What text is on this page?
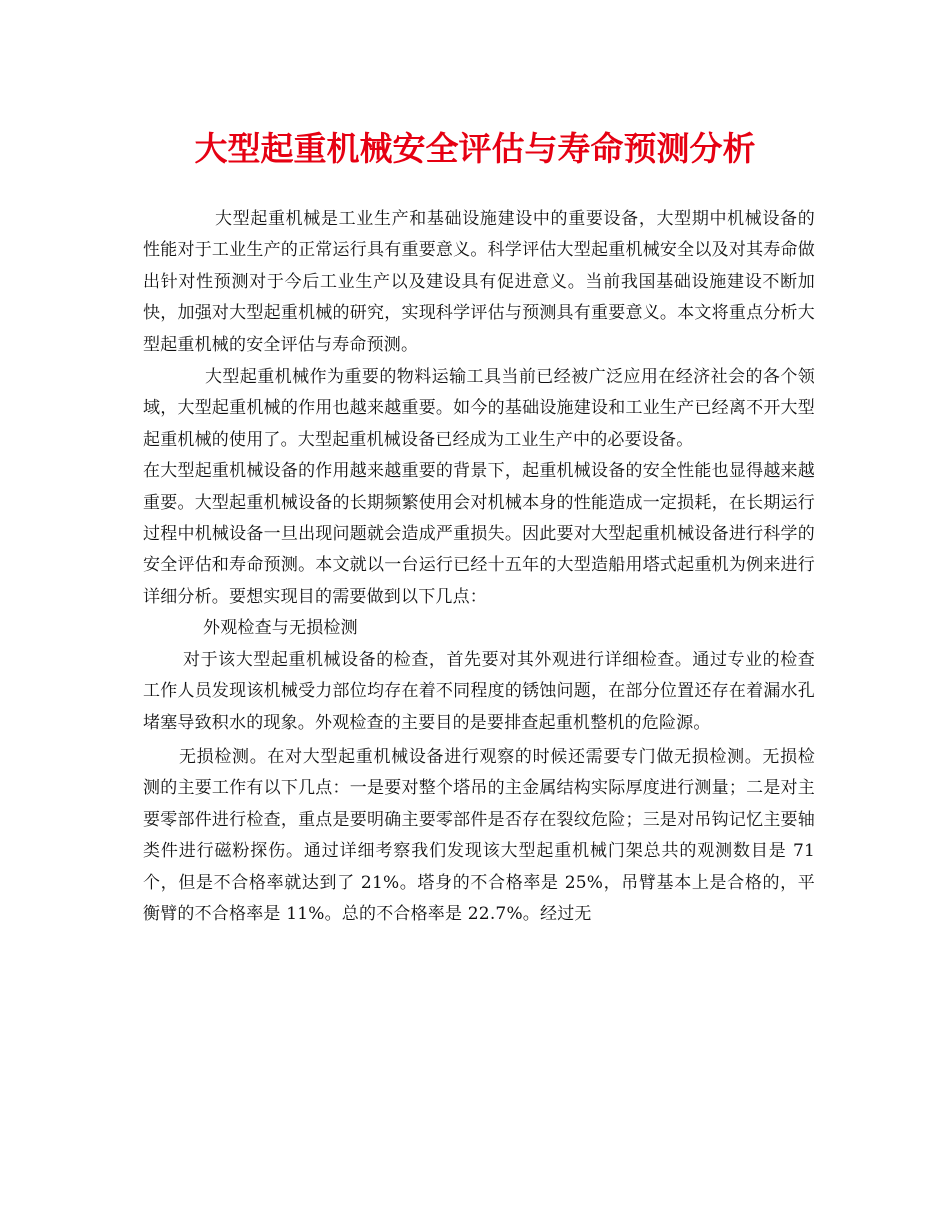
大型起重机械安全评估与寿命预测分析

大型起重机械是工业生产和基础设施建设中的重要设备，大型期中机械设备的性能对于工业生产的正常运行具有重要意义。科学评估大型起重机械安全以及对其寿命做出针对性预测对于今后工业生产以及建设具有促进意义。当前我国基础设施建设不断加快，加强对大型起重机械的研究，实现科学评估与预测具有重要意义。本文将重点分析大型起重机械的安全评估与寿命预测。

大型起重机械作为重要的物料运输工具当前已经被广泛应用在经济社会的各个领域，大型起重机械的作用也越来越重要。如今的基础设施建设和工业生产已经离不开大型起重机械的使用了。大型起重机械设备已经成为工业生产中的必要设备。

在大型起重机械设备的作用越来越重要的背景下，起重机械设备的安全性能也显得越来越重要。大型起重机械设备的长期频繁使用会对机械本身的性能造成一定损耗，在长期运行过程中机械设备一旦出现问题就会造成严重损失。因此要对大型起重机械设备进行科学的安全评估和寿命预测。本文就以一台运行已经十五年的大型造船用塔式起重机为例来进行详细分析。要想实现目的需要做到以下几点：

外观检查与无损检测

对于该大型起重机械设备的检查，首先要对其外观进行详细检查。通过专业的检查工作人员发现该机械受力部位均存在着不同程度的锈蚀问题，在部分位置还存在着漏水孔堵塞导致积水的现象。外观检查的主要目的是要排查起重机整机的危险源。

无损检测。在对大型起重机械设备进行观察的时候还需要专门做无损检测。无损检测的主要工作有以下几点：一是要对整个塔吊的主金属结构实际厚度进行测量；二是对主要零部件进行检查，重点是要明确主要零部件是否存在裂纹危险；三是对吊钩记忆主要轴类件进行磁粉探伤。通过详细考察我们发现该大型起重机械门架总共的观测数目是 71 个，但是不合格率就达到了 21%。塔身的不合格率是 25%，吊臂基本上是合格的，平衡臂的不合格率是 11%。总的不合格率是 22.7%。经过无
